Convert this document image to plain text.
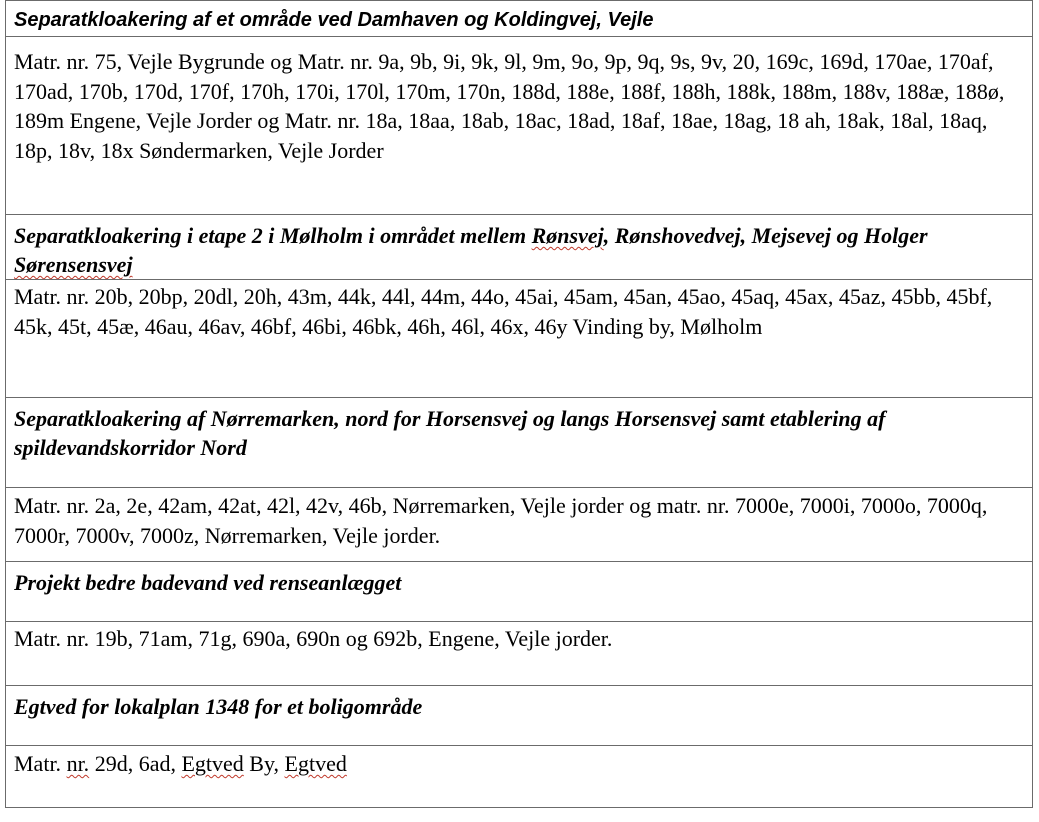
Separatkloakering af et område ved Damhaven og Koldingvej, Vejle
Matr. nr. 75, Vejle Bygrunde og Matr. nr. 9a, 9b, 9i, 9k, 9l, 9m, 9o, 9p, 9q, 9s, 9v, 20, 169c, 169d, 170ae, 170af, 170ad, 170b, 170d, 170f, 170h, 170i, 170l, 170m, 170n, 188d, 188e, 188f, 188h, 188k, 188m, 188v, 188æ, 188ø, 189m Engene, Vejle Jorder og Matr. nr. 18a, 18aa, 18ab, 18ac, 18ad, 18af, 18ae, 18ag, 18 ah, 18ak, 18al, 18aq, 18p, 18v, 18x Søndermarken, Vejle Jorder
Separatkloakering i etape 2 i Mølholm i området mellem Rønsvej, Rønshovedvej, Mejsevej og Holger Sørensensvej
Matr. nr. 20b, 20bp, 20dl, 20h, 43m, 44k, 44l, 44m, 44o, 45ai, 45am, 45an, 45ao, 45aq, 45ax, 45az, 45bb, 45bf, 45k, 45t, 45æ, 46au, 46av, 46bf, 46bi, 46bk, 46h, 46l, 46x, 46y Vinding by, Mølholm
Separatkloakering af Nørremarken, nord for Horsensvej og langs Horsensvej samt etablering af spildevandskorridor Nord
Matr. nr. 2a, 2e, 42am, 42at, 42l, 42v, 46b, Nørremarken, Vejle jorder og matr. nr. 7000e, 7000i, 7000o, 7000q, 7000r, 7000v, 7000z, Nørremarken, Vejle jorder.
Projekt bedre badevand ved renseanlægget
Matr. nr. 19b, 71am, 71g, 690a, 690n og 692b, Engene, Vejle jorder.
Egtved for lokalplan 1348 for et boligområde
Matr. nr. 29d, 6ad, Egtved By, Egtved
